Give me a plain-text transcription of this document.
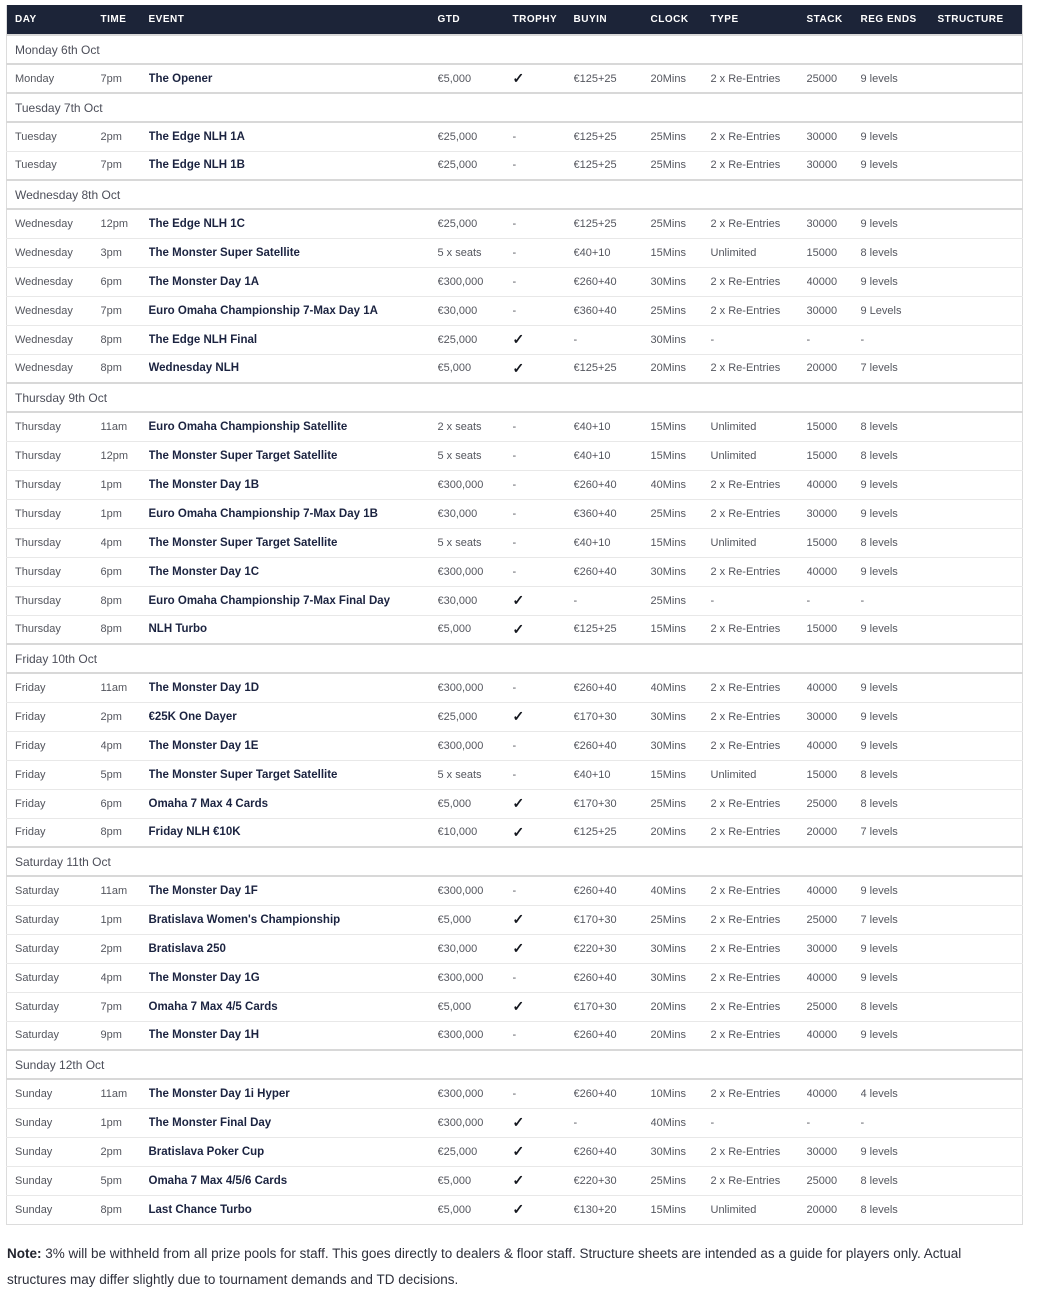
DAY	TIME	EVENT	GTD	TROPHY	BUYIN	CLOCK	TYPE	STACK	REG ENDS	STRUCTURE
Monday 6th Oct										
Monday	7pm	The Opener	€5,000	✓	€125+25	20Mins	2 x Re-Entries	25000	9 levels	
Tuesday 7th Oct										
Tuesday	2pm	The Edge NLH 1A	€25,000	-	€125+25	25Mins	2 x Re-Entries	30000	9 levels	
Tuesday	7pm	The Edge NLH 1B	€25,000	-	€125+25	25Mins	2 x Re-Entries	30000	9 levels	
Wednesday 8th Oct										
Wednesday	12pm	The Edge NLH 1C	€25,000	-	€125+25	25Mins	2 x Re-Entries	30000	9 levels	
Wednesday	3pm	The Monster Super Satellite	5 x seats	-	€40+10	15Mins	Unlimited	15000	8 levels	
Wednesday	6pm	The Monster Day 1A	€300,000	-	€260+40	30Mins	2 x Re-Entries	40000	9 levels	
Wednesday	7pm	Euro Omaha Championship 7-Max Day 1A	€30,000	-	€360+40	25Mins	2 x Re-Entries	30000	9 Levels	
Wednesday	8pm	The Edge NLH Final	€25,000	✓	-	30Mins	-	-	-	
Wednesday	8pm	Wednesday NLH	€5,000	✓	€125+25	20Mins	2 x Re-Entries	20000	7 levels	
Thursday 9th Oct										
Thursday	11am	Euro Omaha Championship Satellite	2 x seats	-	€40+10	15Mins	Unlimited	15000	8 levels	
Thursday	12pm	The Monster Super Target Satellite	5 x seats	-	€40+10	15Mins	Unlimited	15000	8 levels	
Thursday	1pm	The Monster Day 1B	€300,000	-	€260+40	40Mins	2 x Re-Entries	40000	9 levels	
Thursday	1pm	Euro Omaha Championship 7-Max Day 1B	€30,000	-	€360+40	25Mins	2 x Re-Entries	30000	9 levels	
Thursday	4pm	The Monster Super Target Satellite	5 x seats	-	€40+10	15Mins	Unlimited	15000	8 levels	
Thursday	6pm	The Monster Day 1C	€300,000	-	€260+40	30Mins	2 x Re-Entries	40000	9 levels	
Thursday	8pm	Euro Omaha Championship 7-Max Final Day	€30,000	✓	-	25Mins	-	-	-	
Thursday	8pm	NLH Turbo	€5,000	✓	€125+25	15Mins	2 x Re-Entries	15000	9 levels	
Friday 10th Oct										
Friday	11am	The Monster Day 1D	€300,000	-	€260+40	40Mins	2 x Re-Entries	40000	9 levels	
Friday	2pm	€25K One Dayer	€25,000	✓	€170+30	30Mins	2 x Re-Entries	30000	9 levels	
Friday	4pm	The Monster Day 1E	€300,000	-	€260+40	30Mins	2 x Re-Entries	40000	9 levels	
Friday	5pm	The Monster Super Target Satellite	5 x seats	-	€40+10	15Mins	Unlimited	15000	8 levels	
Friday	6pm	Omaha 7 Max 4 Cards	€5,000	✓	€170+30	25Mins	2 x Re-Entries	25000	8 levels	
Friday	8pm	Friday NLH €10K	€10,000	✓	€125+25	20Mins	2 x Re-Entries	20000	7 levels	
Saturday 11th Oct										
Saturday	11am	The Monster Day 1F	€300,000	-	€260+40	40Mins	2 x Re-Entries	40000	9 levels	
Saturday	1pm	Bratislava Women's Championship	€5,000	✓	€170+30	25Mins	2 x Re-Entries	25000	7 levels	
Saturday	2pm	Bratislava 250	€30,000	✓	€220+30	30Mins	2 x Re-Entries	30000	9 levels	
Saturday	4pm	The Monster Day 1G	€300,000	-	€260+40	30Mins	2 x Re-Entries	40000	9 levels	
Saturday	7pm	Omaha 7 Max 4/5 Cards	€5,000	✓	€170+30	20Mins	2 x Re-Entries	25000	8 levels	
Saturday	9pm	The Monster Day 1H	€300,000	-	€260+40	20Mins	2 x Re-Entries	40000	9 levels	
Sunday 12th Oct										
Sunday	11am	The Monster Day 1i Hyper	€300,000	-	€260+40	10Mins	2 x Re-Entries	40000	4 levels	
Sunday	1pm	The Monster Final Day	€300,000	✓	-	40Mins	-	-	-	
Sunday	2pm	Bratislava Poker Cup	€25,000	✓	€260+40	30Mins	2 x Re-Entries	30000	9 levels	
Sunday	5pm	Omaha 7 Max 4/5/6 Cards	€5,000	✓	€220+30	25Mins	2 x Re-Entries	25000	8 levels	
Sunday	8pm	Last Chance Turbo	€5,000	✓	€130+20	15Mins	Unlimited	20000	8 levels	
Note: 3% will be withheld from all prize pools for staff. This goes directly to dealers & floor staff. Structure sheets are intended as a guide for players only. Actual structures may differ slightly due to tournament demands and TD decisions.
